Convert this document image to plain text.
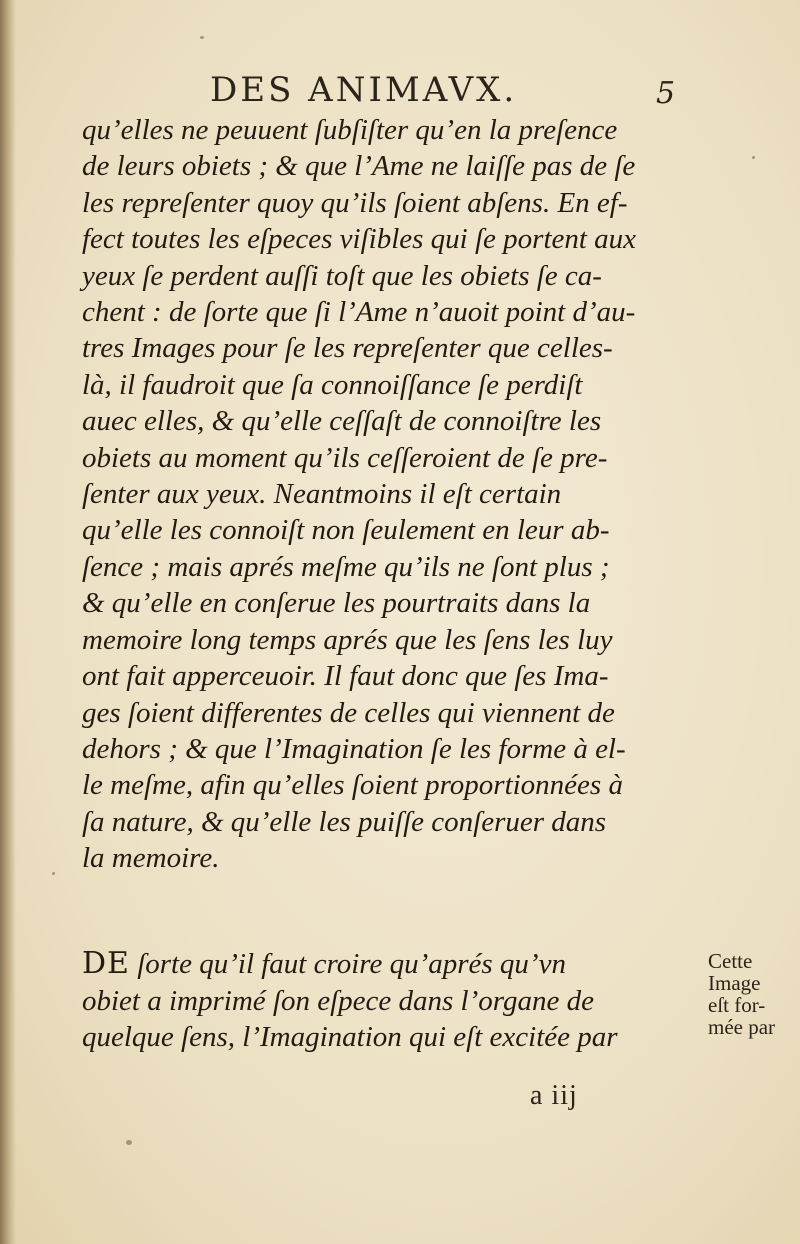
DES ANIMAVX.	5
qu’elles ne peuuent ſubſiſter qu’en la preſence
de leurs obiets ; & que l’Ame ne laiſſe pas de ſe
les repreſenter quoy qu’ils ſoient abſens. En ef-
fect toutes les eſpeces viſibles qui ſe portent aux
yeux ſe perdent auſſi toſt que les obiets ſe ca-
chent : de ſorte que ſi l’Ame n’auoit point d’au-
tres Images pour ſe les repreſenter que celles-
là, il faudroit que ſa connoiſſance ſe perdiſt
auec elles, & qu’elle ceſſaſt de connoiſtre les
obiets au moment qu’ils ceſſeroient de ſe pre-
ſenter aux yeux. Neantmoins il eſt certain
qu’elle les connoiſt non ſeulement en leur ab-
ſence ; mais aprés meſme qu’ils ne ſont plus ;
& qu’elle en conſerue les pourtraits dans la
memoire long temps aprés que les ſens les luy
ont fait apperceuoir. Il faut donc que ſes Ima-
ges ſoient differentes de celles qui viennent de
dehors ; & que l’Imagination ſe les forme à el-
le meſme, afin qu’elles ſoient proportionnées à
ſa nature, & qu’elle les puiſſe conſeruer dans
la memoire.
DE ſorte qu’il faut croire qu’aprés qu’vn
obiet a imprimé ſon eſpece dans l’organe de
quelque ſens, l’Imagination qui eſt excitée par
Cette
Image
eſt for-
mée par
a iij
